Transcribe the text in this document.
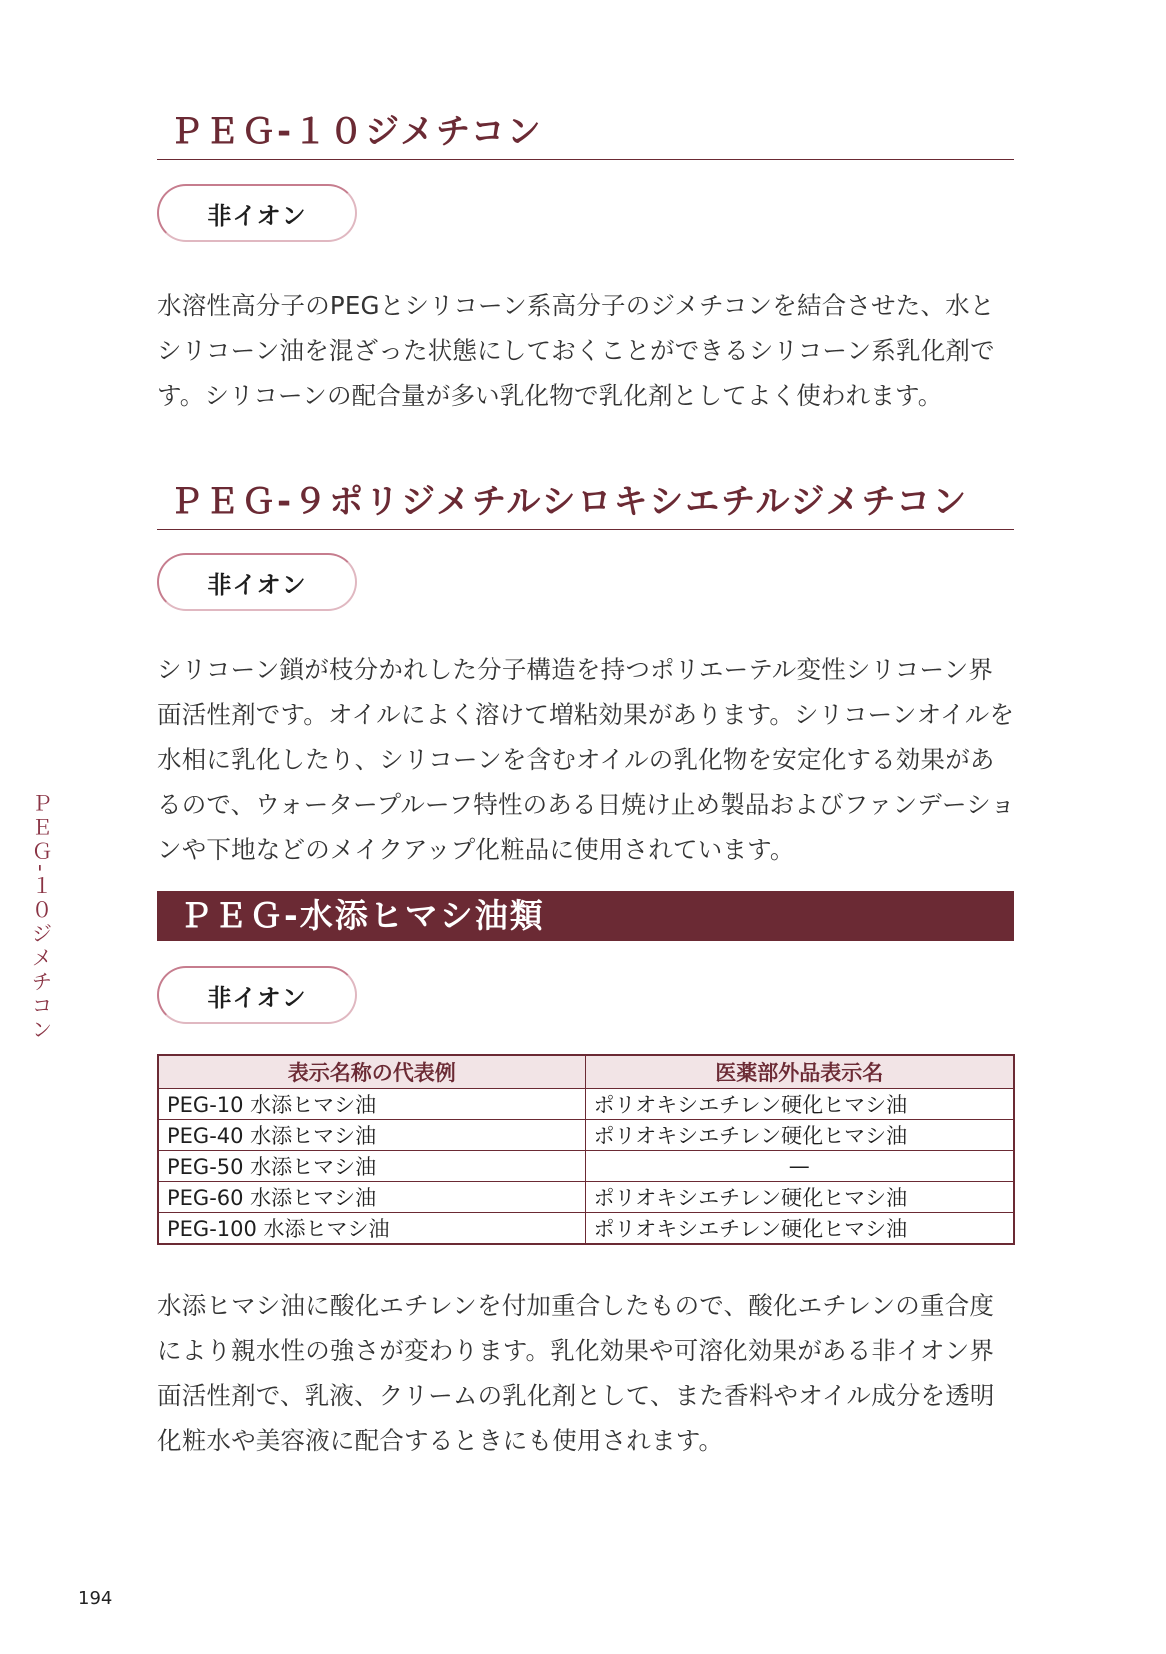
ＰＥＧ-１０ジメチコン
非イオン

水溶性高分子のPEGとシリコーン系高分子のジメチコンを結合させた、水とシリコーン油を混ざった状態にしておくことができるシリコーン系乳化剤です。シリコーンの配合量が多い乳化物で乳化剤としてよく使われます。

ＰＥＧ-９ポリジメチルシロキシエチルジメチコン
非イオン

シリコーン鎖が枝分かれした分子構造を持つポリエーテル変性シリコーン界面活性剤です。オイルによく溶けて増粘効果があります。シリコーンオイルを水相に乳化したり、シリコーンを含むオイルの乳化物を安定化する効果があるので、ウォータープルーフ特性のある日焼け止め製品およびファンデーションや下地などのメイクアップ化粧品に使用されています。

ＰＥＧ-水添ヒマシ油類
非イオン
表示名称の代表例	医薬部外品表示名
PEG-10 水添ヒマシ油	ポリオキシエチレン硬化ヒマシ油
PEG-40 水添ヒマシ油	ポリオキシエチレン硬化ヒマシ油
PEG-50 水添ヒマシ油	—
PEG-60 水添ヒマシ油	ポリオキシエチレン硬化ヒマシ油
PEG-100 水添ヒマシ油	ポリオキシエチレン硬化ヒマシ油

水添ヒマシ油に酸化エチレンを付加重合したもので、酸化エチレンの重合度により親水性の強さが変わります。乳化効果や可溶化効果がある非イオン界面活性剤で、乳液、クリームの乳化剤として、また香料やオイル成分を透明化粧水や美容液に配合するときにも使用されます。

ＰＥＧ-１０ジメチコン
194
